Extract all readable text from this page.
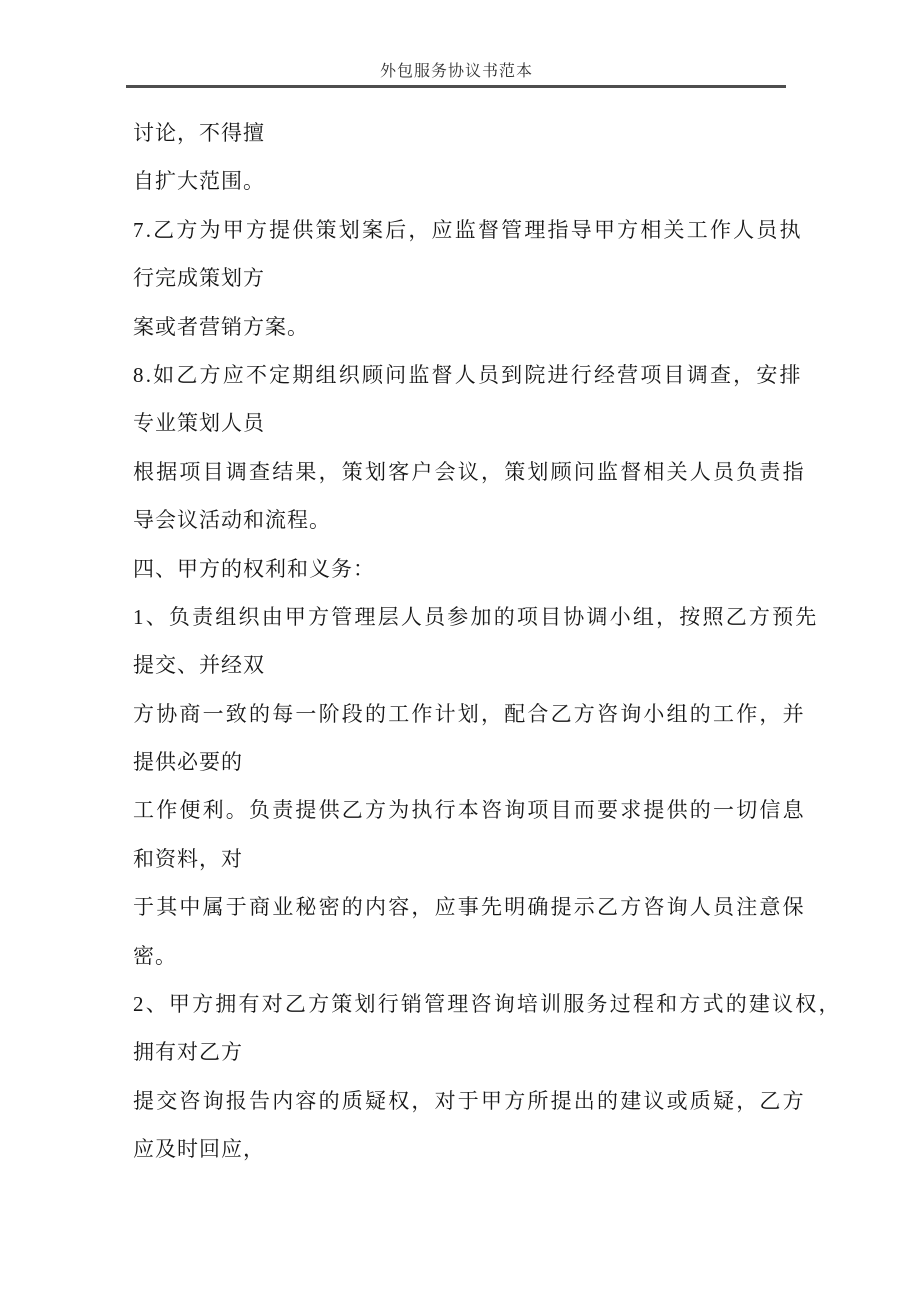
外包服务协议书范本
讨论，不得擅
自扩大范围。
7.乙方为甲方提供策划案后，应监督管理指导甲方相关工作人员执
行完成策划方
案或者营销方案。
8.如乙方应不定期组织顾问监督人员到院进行经营项目调查，安排
专业策划人员
根据项目调查结果，策划客户会议，策划顾问监督相关人员负责指
导会议活动和流程。
四、甲方的权利和义务：
1、负责组织由甲方管理层人员参加的项目协调小组，按照乙方预先
提交、并经双
方协商一致的每一阶段的工作计划，配合乙方咨询小组的工作，并
提供必要的
工作便利。负责提供乙方为执行本咨询项目而要求提供的一切信息
和资料，对
于其中属于商业秘密的内容，应事先明确提示乙方咨询人员注意保
密。
2、甲方拥有对乙方策划行销管理咨询培训服务过程和方式的建议权，
拥有对乙方
提交咨询报告内容的质疑权，对于甲方所提出的建议或质疑，乙方
应及时回应，
